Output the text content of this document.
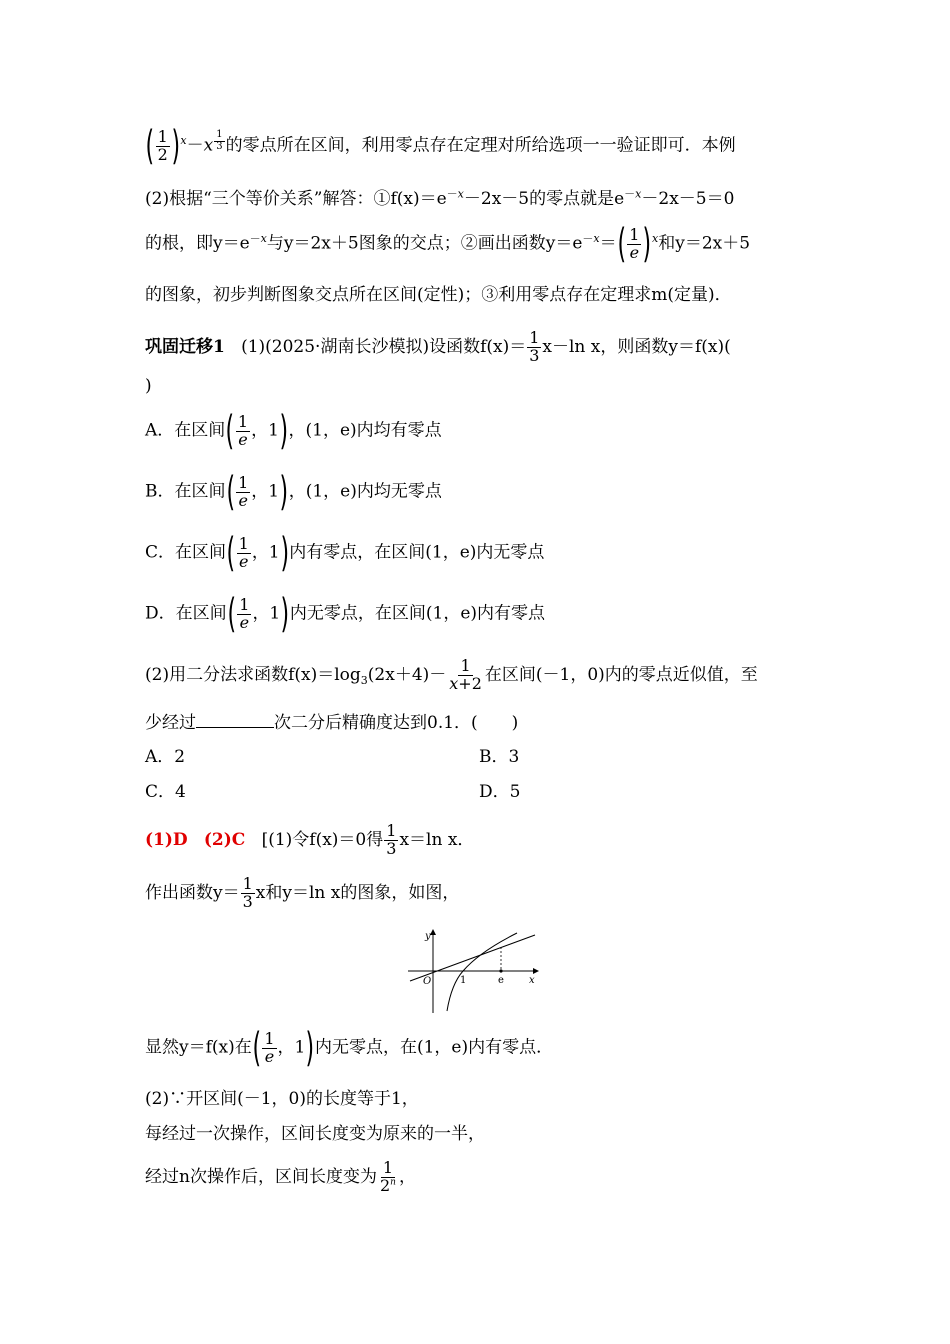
( $\frac{1}{2} )^x-x$ $^{\frac{1}{3}}$ 的零点所在区间，利用零点存在定理对所给选项一一验证即可．本例
(2)根据“三个等价关系”解答：$①f(x)=e^{-x}-2x-5$的零点就是$e^{-x}-2x-5=0$
的根，即$y=e^{-x}$与y＝2x＋5图象的交点；②画出函数$y=e^{-x}=( \frac{1}{e} )^x$和y＝2x＋5
的图象，初步判断图象交点所在区间(定性)；③利用零点存在定理求m(定量)．
巩固迁移1 (1)(2025·湖南长沙模拟)设函数$f(x)= \frac{1}{3} x-\ln$ x，则函数y＝f(x)(
)
A．在区间( $\frac{1}{e}$ ，1)，(1，e)内均有零点
B．在区间( $\frac{1}{e}$ ，1)，(1，e)内均无零点
C．在区间( $\frac{1}{e}$ ，1)内有零点，在区间(1，e)内无零点
D．在区间( $\frac{1}{e}$ ，1)内无零点，在区间(1，e)内有零点
(2)用二分法求函数$f(x)=\log_3(2x+4)- \frac{1}{x+2}$ 在区间(－1，0)内的零点近似值，至
少经过	次二分后精确度达到0.1．(　　)
A．2	B．3
C．4	D．5
(1)D (2)C [(1)令f(x)＝0得 $\frac{1}{3} x=\ln$ x．
作出函数$y= \frac{1}{3}$ x和y＝ln x的图象，如图，
y
x
O	1	e
显然y＝f(x)在( $\frac{1}{e}$ ，1)内无零点，在(1，e)内有零点．
(2)∵开区间(－1，0)的长度等于1，
每经过一次操作，区间长度变为原来的一半，
经过n次操作后，区间长度变为 $\frac{1}{2^n}$ ，
